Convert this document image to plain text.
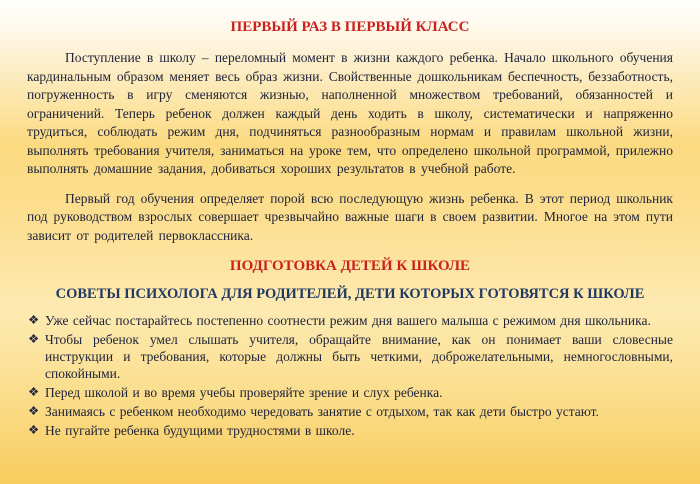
ПЕРВЫЙ РАЗ В ПЕРВЫЙ КЛАСС

Поступление в школу – переломный момент в жизни каждого ребенка. Начало школьного обучения кардинальным образом меняет весь образ жизни. Свойственные дошкольникам беспечность, беззаботность, погруженность в игру сменяются жизнью, наполненной множеством требований, обязанностей и ограничений. Теперь ребенок должен каждый день ходить в школу, систематически и напряженно трудиться, соблюдать режим дня, подчиняться разнообразным нормам и правилам школьной жизни, выполнять требования учителя, заниматься на уроке тем, что определено школьной программой, прилежно выполнять домашние задания, добиваться хороших результатов в учебной работе.

Первый год обучения определяет порой всю последующую жизнь ребенка. В этот период школьник под руководством взрослых совершает чрезвычайно важные шаги в своем развитии. Многое на этом пути зависит от родителей первоклассника.

ПОДГОТОВКА ДЕТЕЙ К ШКОЛЕ
СОВЕТЫ ПСИХОЛОГА ДЛЯ РОДИТЕЛЕЙ, ДЕТИ КОТОРЫХ ГОТОВЯТСЯ К ШКОЛЕ
❖ Уже сейчас постарайтесь постепенно соотнести режим дня вашего малыша с режимом дня школьника.
❖ Чтобы ребенок умел слышать учителя, обращайте внимание, как он понимает ваши словесные инструкции и требования, которые должны быть четкими, доброжелательными, немногословными, спокойными.
❖ Перед школой и во время учебы проверяйте зрение и слух ребенка.
❖ Занимаясь с ребенком необходимо чередовать занятие с отдыхом, так как дети быстро устают.
❖ Не пугайте ребенка будущими трудностями в школе.
